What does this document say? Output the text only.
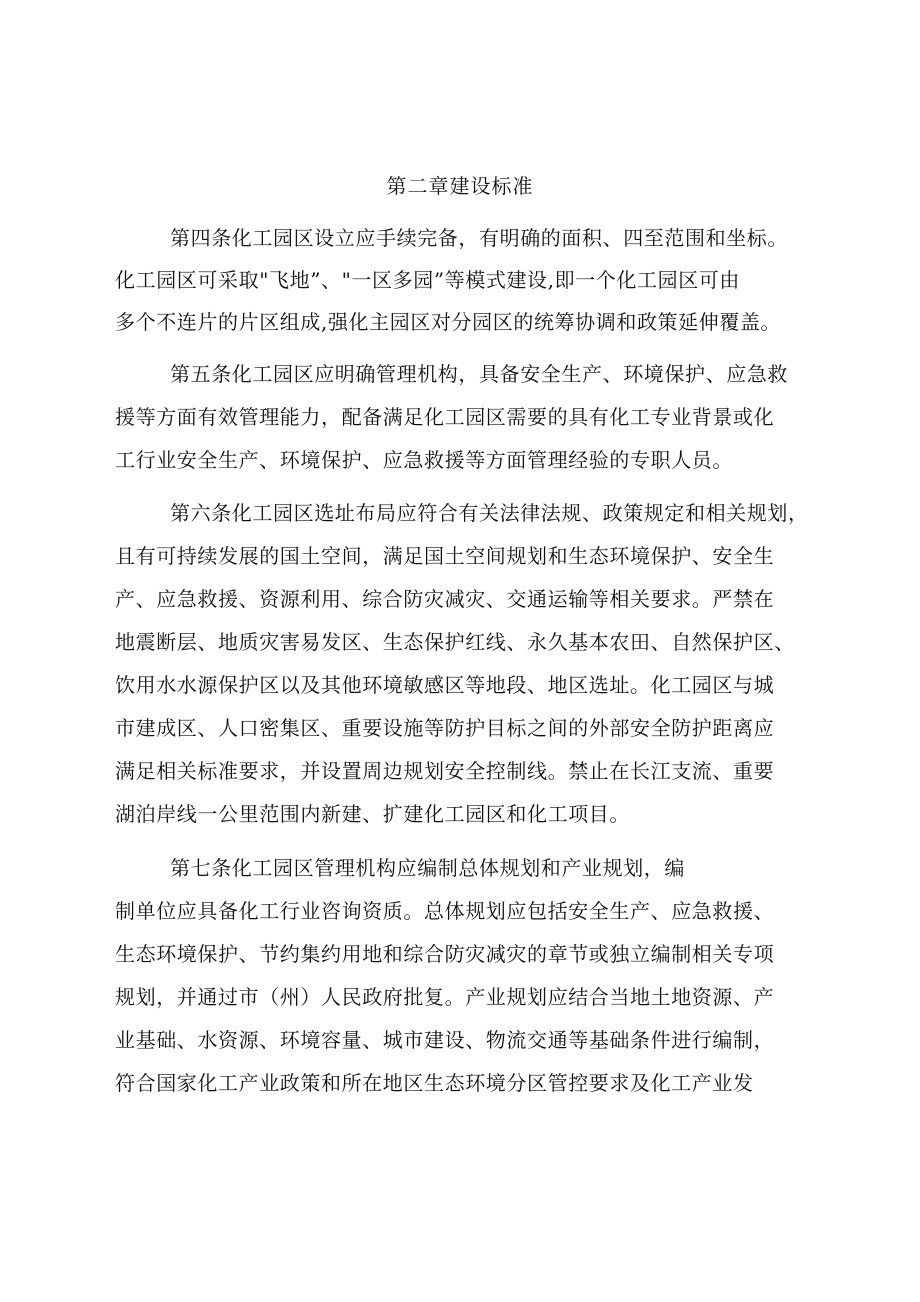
第二章建设标准
第四条化工园区设立应手续完备，有明确的面积、四至范围和坐标。
化工园区可采取"飞地”、"一区多园”等模式建设,即一个化工园区可由
多个不连片的片区组成,强化主园区对分园区的统筹协调和政策延伸覆盖。
第五条化工园区应明确管理机构，具备安全生产、环境保护、应急救
援等方面有效管理能力，配备满足化工园区需要的具有化工专业背景或化
工行业安全生产、环境保护、应急救援等方面管理经验的专职人员。
第六条化工园区选址布局应符合有关法律法规、政策规定和相关规划，
且有可持续发展的国土空间，满足国土空间规划和生态环境保护、安全生
产、应急救援、资源利用、综合防灾减灾、交通运输等相关要求。严禁在
地震断层、地质灾害易发区、生态保护红线、永久基本农田、自然保护区、
饮用水水源保护区以及其他环境敏感区等地段、地区选址。化工园区与城
市建成区、人口密集区、重要设施等防护目标之间的外部安全防护距离应
满足相关标准要求，并设置周边规划安全控制线。禁止在长江支流、重要
湖泊岸线一公里范围内新建、扩建化工园区和化工项目。
第七条化工园区管理机构应编制总体规划和产业规划，编
制单位应具备化工行业咨询资质。总体规划应包括安全生产、应急救援、
生态环境保护、节约集约用地和综合防灾减灾的章节或独立编制相关专项
规划，并通过市（州）人民政府批复。产业规划应结合当地土地资源、产
业基础、水资源、环境容量、城市建设、物流交通等基础条件进行编制，
符合国家化工产业政策和所在地区生态环境分区管控要求及化工产业发
